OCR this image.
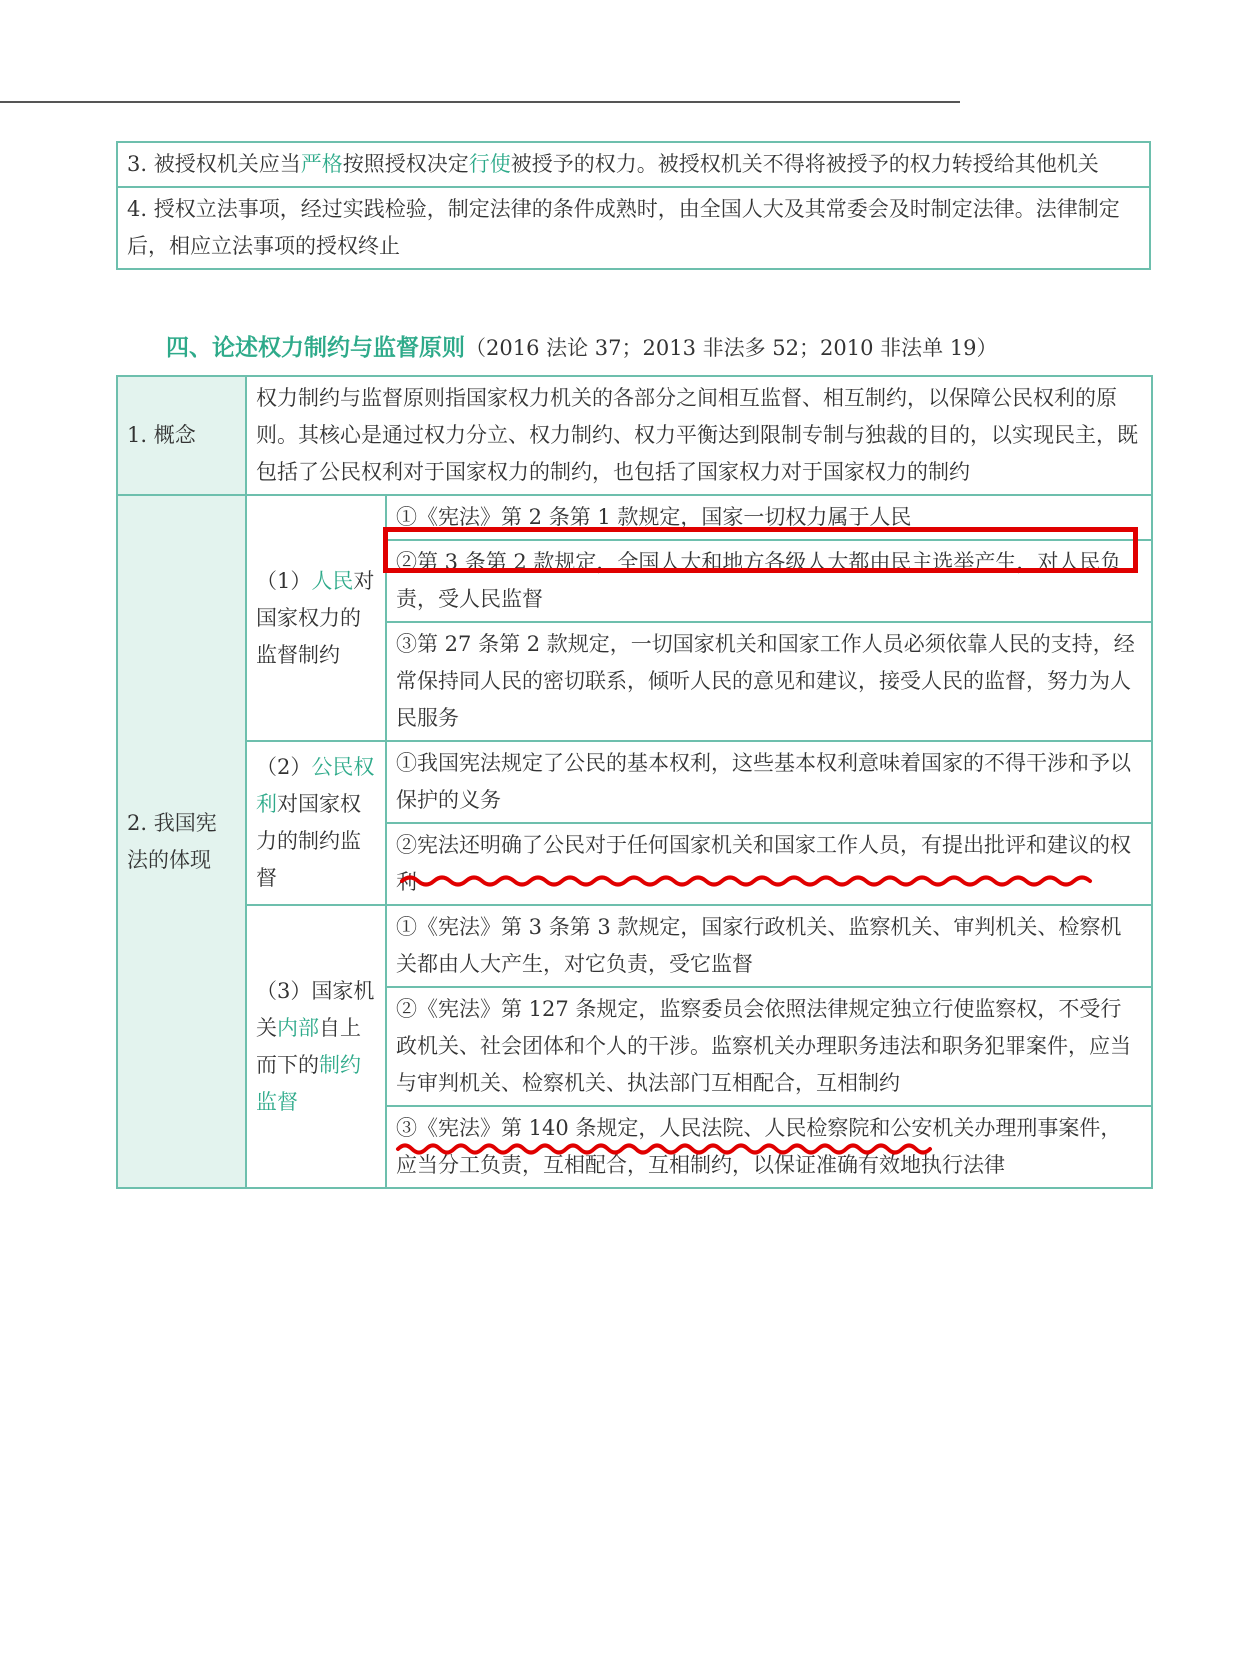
3. 被授权机关应当严格按照授权决定行使被授予的权力。被授权机关不得将被授予的权力转授给其他机关
4. 授权立法事项，经过实践检验，制定法律的条件成熟时，由全国人大及其常委会及时制定法律。法律制定后，相应立法事项的授权终止
四、论述权力制约与监督原则（2016 法论 37；2013 非法多 52；2010 非法单 19）
1. 概念	权力制约与监督原则指国家权力机关的各部分之间相互监督、相互制约，以保障公民权利的原则。其核心是通过权力分立、权力制约、权力平衡达到限制专制与独裁的目的，以实现民主，既包括了公民权利对于国家权力的制约，也包括了国家权力对于国家权力的制约	
2. 我国宪法的体现	（1）人民对国家权力的监督制约	①《宪法》第 2 条第 1 款规定，国家一切权力属于人民
		②第 3 条第 2 款规定，全国人大和地方各级人大都由民主选举产生，对人民负责，受人民监督
		③第 27 条第 2 款规定，一切国家机关和国家工作人员必须依靠人民的支持，经常保持同人民的密切联系，倾听人民的意见和建议，接受人民的监督，努力为人民服务
	（2）公民权利对国家权力的制约监督	①我国宪法规定了公民的基本权利，这些基本权利意味着国家的不得干涉和予以保护的义务
		②宪法还明确了公民对于任何国家机关和国家工作人员，有提出批评和建议的权利
	（3）国家机关内部自上而下的制约监督	①《宪法》第 3 条第 3 款规定，国家行政机关、监察机关、审判机关、检察机关都由人大产生，对它负责，受它监督
		②《宪法》第 127 条规定，监察委员会依照法律规定独立行使监察权，不受行政机关、社会团体和个人的干涉。监察机关办理职务违法和职务犯罪案件，应当与审判机关、检察机关、执法部门互相配合，互相制约
		③《宪法》第 140 条规定，人民法院、人民检察院和公安机关办理刑事案件，应当分工负责，互相配合，互相制约，以保证准确有效地执行法律
